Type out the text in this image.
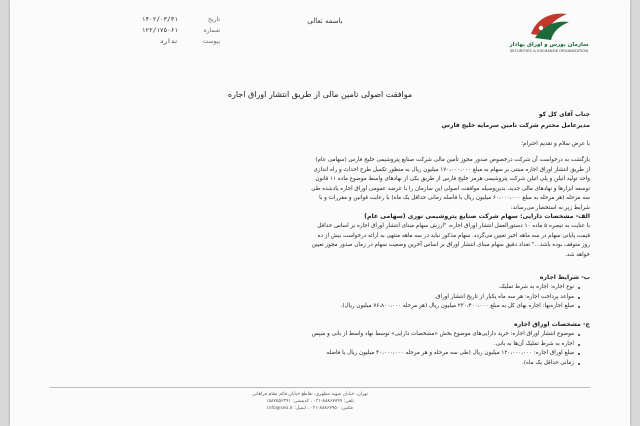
سازمان بورس و اوراق بهادار
SECURITIES & EXCHANGE ORGANIZATION
باسمه تعالی
تاریخ
۱۴۰۲/۰۳/۳۱
شماره
۱۲۲/۱۷۵۰۶۱
پیوست
ندارد
موافقت اصولی تامین مالی از طریق انتشار اوراق اجاره
جناب آقای کل کو
مدیرعامل محترم شرکت تامین سرمایه خلیج فارس
با عرض سلام و تقدیم احترام؛

بازگشت به درخواست آن شرکت درخصوص صدور مجوز تأمین مالی شرکت صنایع پتروشیمی خلیج فارس (سهامی عام)

از طریق انتشار اوراق اجاره مبتنی بر سهام به مبلغ ۱۷۰،۰۰۰،۰۰۰ میلیون ریال به منظور تکمیل طرح احداث و راه اندازی

واحد تولید اتیلن و پلی اتیلن شرکت پتروشیمی هرمز خلیج فارس از طریق یکی از نهادهای واسط موضوع ماده ۱۱ قانون

توسعه ابزارها و نهادهای مالی جدید، بدین‌وسیله موافقت اصولی این سازمان را با عرضه عمومی اوراق اجاره یادشده طی

سه مرحله (هر مرحله به مبلغ ۶۰،۰۰۰،۰۰۰ میلیون ریال با فاصله زمانی حداقل یک ماه) با رعایت قوانین و مقررات و با

شرایط زیر به استحضار می‌رساند:

الف- مشخصات دارایی: سهام شرکت صنایع پتروشیمی نوری (سهامی عام)
با عنایت به تبصره ۵ ماده ۱۰ دستورالعمل انتشار اوراق اجاره، "ارزش سهام مبنای انتشار اوراق اجاره بر اساس حداقل
قیمت پایانی سهام در سه ماهه اخیر تعیین می‌گردد. سهام مذکور نباید در سه ماهه منتهی به ارائه درخواست بیش از ده
روز متوقف بوده باشد..." تعداد دقیق سهام مبنای انتشار اوراق بر اساس آخرین وضعیت سهام در زمان صدور مجوز تعیین
خواهد شد.
ب- شرایط اجاره
نوع اجاره: اجاره به شرط تملیک.
مواعد پرداخت اجاره: هر سه ماه یکبار از تاریخ انتشار اوراق.
مبلغ اجاره‌بها: اجاره بهای کل به مبلغ ۲۳۰،۴۰۰،۰۰۰ میلیون ریال (هر مرحله ۷۶،۸۰۰،۰۰۰ میلیون ریال).
ج- مشخصات اوراق اجاره
موضوع انتشار اوراق اجاره: خرید دارایی‌های موضوع بخش «مشخصات دارایی» توسط نهاد واسط از بانی و سپس
اجاره به شرط تملیک آن‌ها به بانی.
مبلغ اوراق اجاره: ۱۲۰،۰۰۰،۰۰۰ میلیون ریال (طی سه مرحله و هر مرحله ۴۰،۰۰۰،۰۰۰ میلیون ریال با فاصله
زمانی حداقل یک ماه).
تهران، خیابان شهید مطهری، تقاطع خیابان قائم مقام فراهانی
تلفن: ۸۸۸۶۷۸۹۹-۰۲۱ ، کدپستی: ۱۵۸۷۵۵۶۳۹۱
فکس: ۸۸۸۶۷۹۵۰-۰۲۱ ، ایمیل: info@seo.ir
